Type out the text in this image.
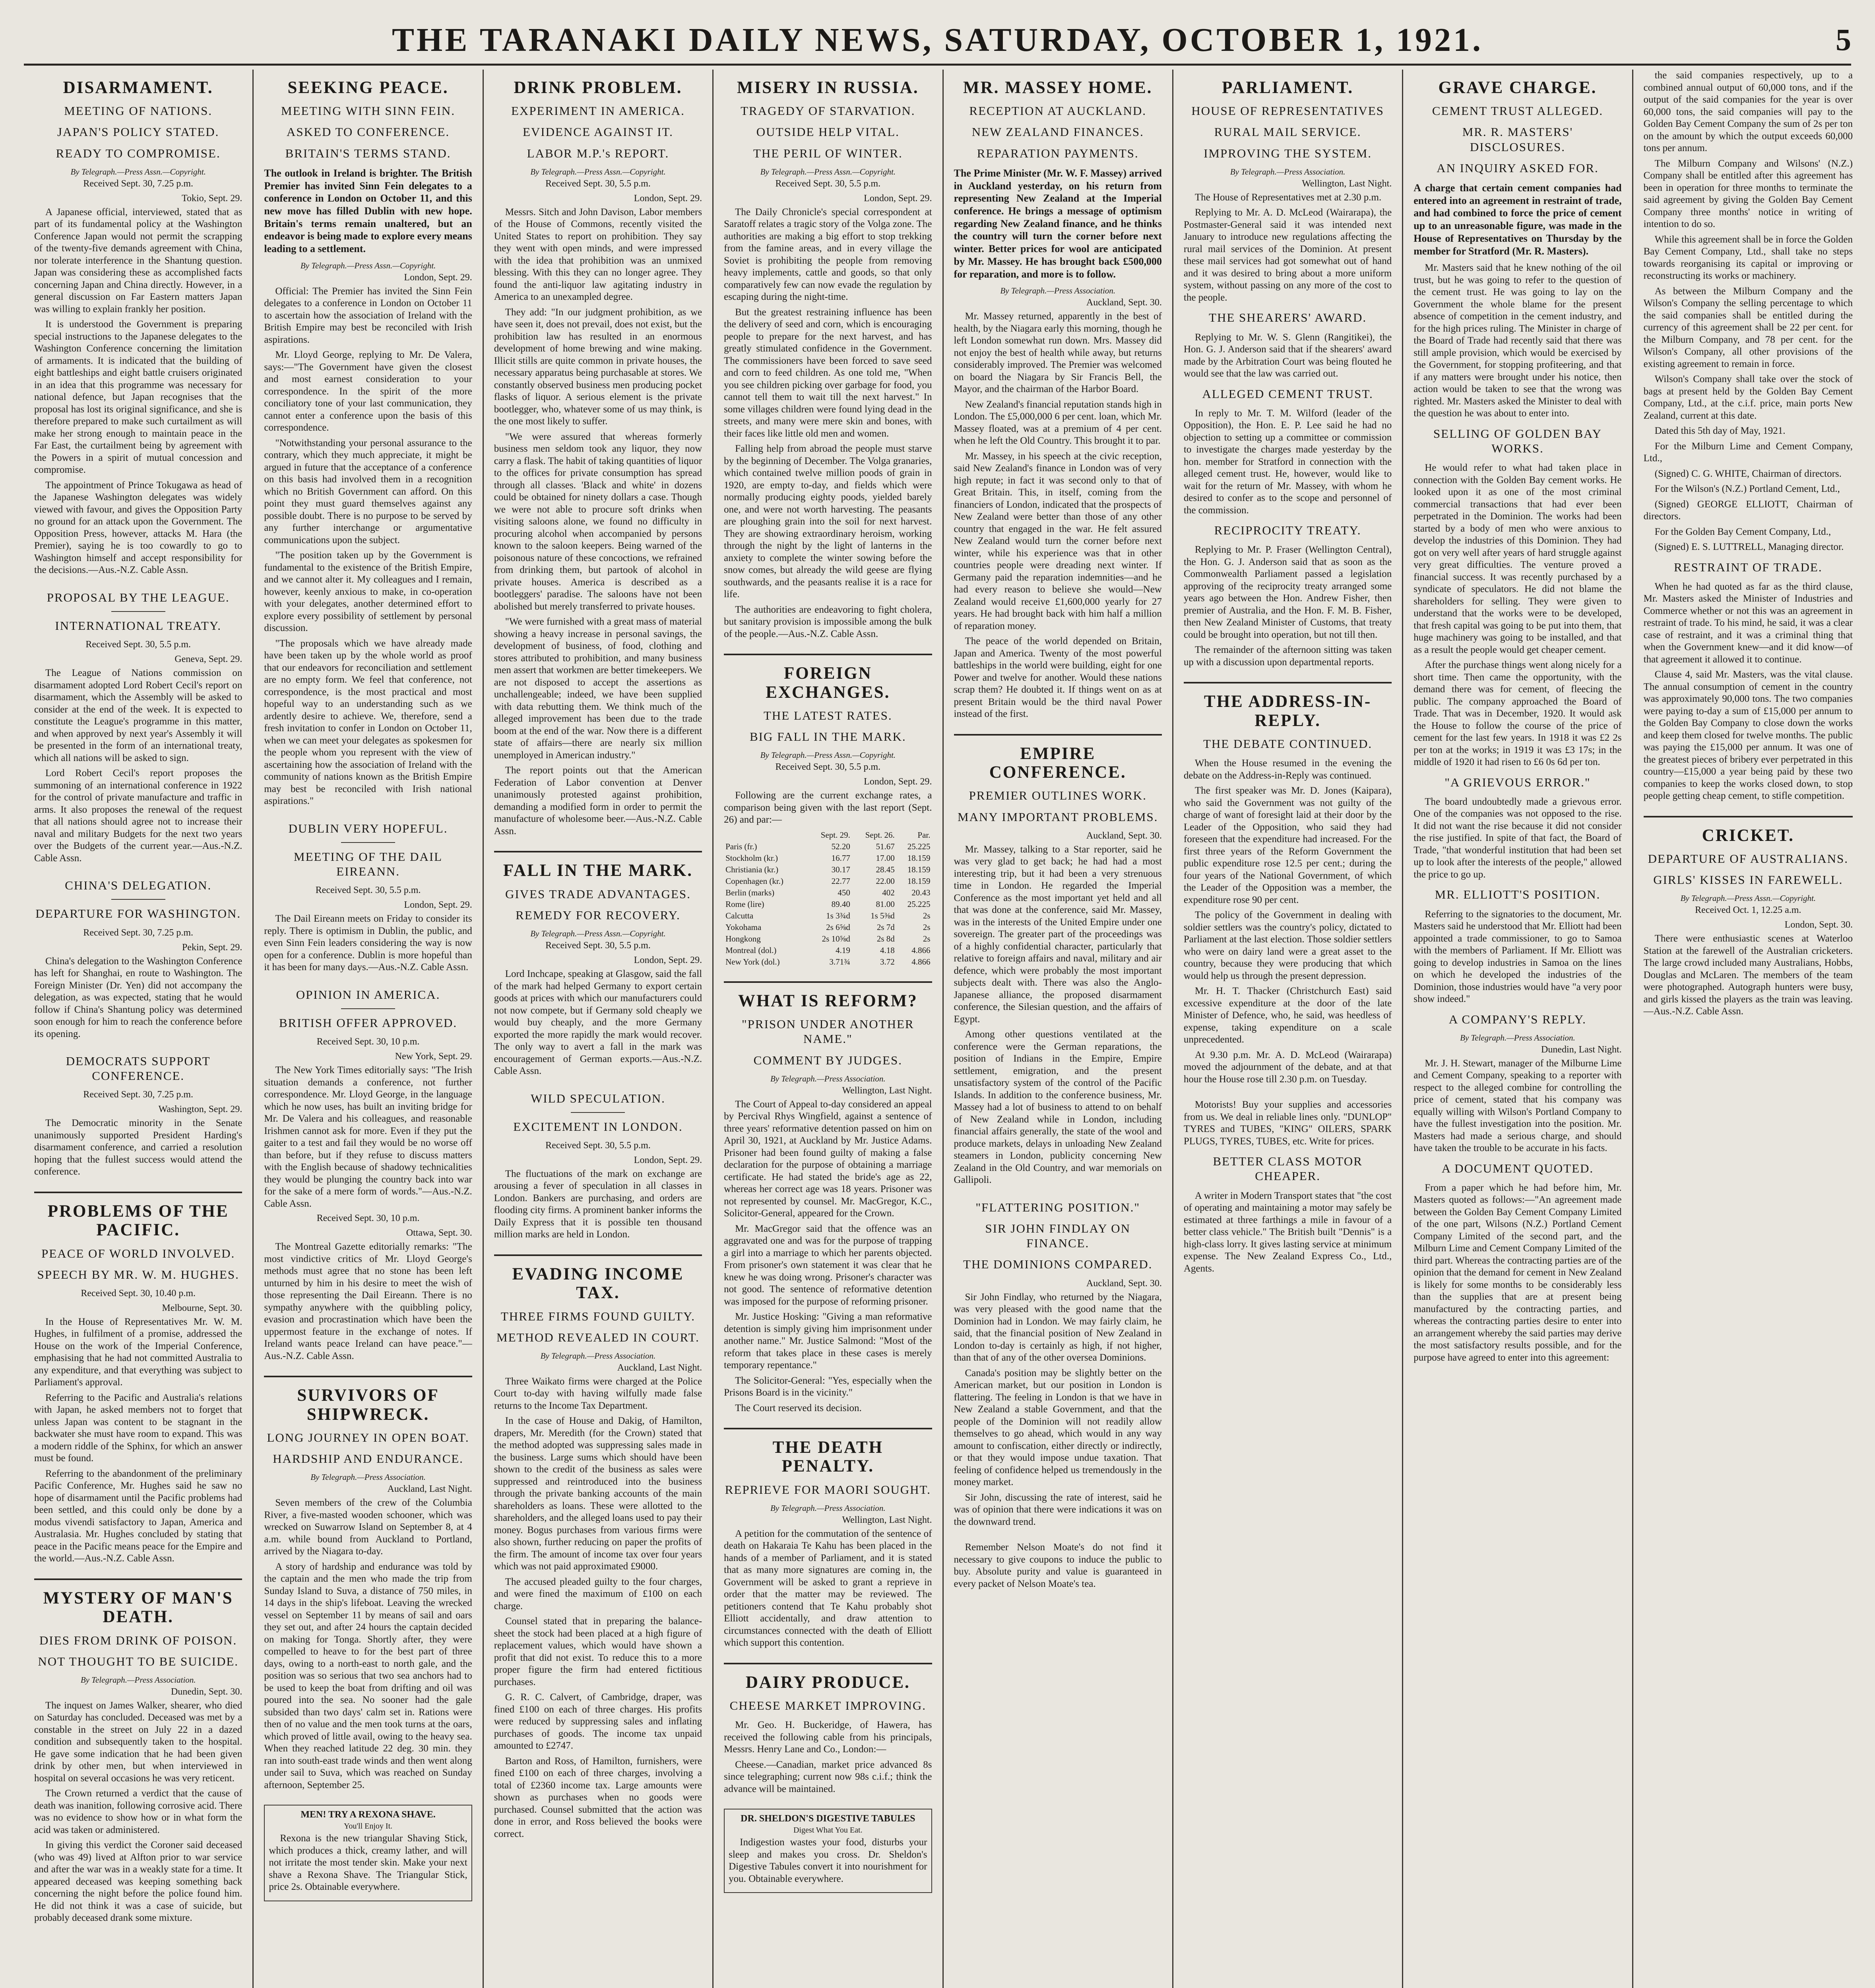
THE TARANAKI DAILY NEWS, SATURDAY, OCTOBER 1, 1921.	5
DISARMAMENT.
MEETING OF NATIONS.
JAPAN'S POLICY STATED.
READY TO COMPROMISE.
By Telegraph.—Press Assn.—Copyright.
Received Sept. 30, 7.25 p.m.
Tokio, Sept. 29.

A Japanese official, interviewed, stated that as part of its fundamental policy at the Washington Conference Japan would not permit the scrapping of the twenty-five demands agreement with China, nor tolerate interference in the Shantung question. Japan was considering these as accomplished facts concerning Japan and China directly. However, in a general discussion on Far Eastern matters Japan was willing to explain frankly her position.

It is understood the Government is preparing special instructions to the Japanese delegates to the Washington Conference concerning the limitation of armaments. It is indicated that the building of eight battleships and eight battle cruisers originated in an idea that this programme was necessary for national defence, but Japan recognises that the proposal has lost its original significance, and she is therefore prepared to make such curtailment as will make her strong enough to maintain peace in the Far East, the curtailment being by agreement with the Powers in a spirit of mutual concession and compromise.

The appointment of Prince Tokugawa as head of the Japanese Washington delegates was widely viewed with favour, and gives the Opposition Party no ground for an attack upon the Government. The Opposition Press, however, attacks M. Hara (the Premier), saying he is too cowardly to go to Washington himself and accept responsibility for the decisions.—Aus.-N.Z. Cable Assn.

PROPOSAL BY THE LEAGUE.
INTERNATIONAL TREATY.
Received Sept. 30, 5.5 p.m.
Geneva, Sept. 29.

The League of Nations commission on disarmament adopted Lord Robert Cecil's report on disarmament, which the Assembly will be asked to consider at the end of the week. It is expected to constitute the League's programme in this matter, and when approved by next year's Assembly it will be presented in the form of an international treaty, which all nations will be asked to sign.

Lord Robert Cecil's report proposes the summoning of an international conference in 1922 for the control of private manufacture and traffic in arms. It also proposes the renewal of the request that all nations should agree not to increase their naval and military Budgets for the next two years over the Budgets of the current year.—Aus.-N.Z. Cable Assn.

CHINA'S DELEGATION.
DEPARTURE FOR WASHINGTON.
Received Sept. 30, 7.25 p.m.
Pekin, Sept. 29.

China's delegation to the Washington Conference has left for Shanghai, en route to Washington. The Foreign Minister (Dr. Yen) did not accompany the delegation, as was expected, stating that he would follow if China's Shantung policy was determined soon enough for him to reach the conference before its opening.

DEMOCRATS SUPPORT CONFERENCE.
Received Sept. 30, 7.25 p.m.
Washington, Sept. 29.

The Democratic minority in the Senate unanimously supported President Harding's disarmament conference, and carried a resolution hoping that the fullest success would attend the conference.

PROBLEMS OF THE PACIFIC.
PEACE OF WORLD INVOLVED.
SPEECH BY MR. W. M. HUGHES.
Received Sept. 30, 10.40 p.m.
Melbourne, Sept. 30.

In the House of Representatives Mr. W. M. Hughes, in fulfilment of a promise, addressed the House on the work of the Imperial Conference, emphasising that he had not committed Australia to any expenditure, and that everything was subject to Parliament's approval.

Referring to the Pacific and Australia's relations with Japan, he asked members not to forget that unless Japan was content to be stagnant in the backwater she must have room to expand. This was a modern riddle of the Sphinx, for which an answer must be found.

Referring to the abandonment of the preliminary Pacific Conference, Mr. Hughes said he saw no hope of disarmament until the Pacific problems had been settled, and this could only be done by a modus vivendi satisfactory to Japan, America and Australasia. Mr. Hughes concluded by stating that peace in the Pacific means peace for the Empire and the world.—Aus.-N.Z. Cable Assn.

MYSTERY OF MAN'S DEATH.
DIES FROM DRINK OF POISON.
NOT THOUGHT TO BE SUICIDE.
By Telegraph.—Press Association.
Dunedin, Sept. 30.

The inquest on James Walker, shearer, who died on Saturday has concluded. Deceased was met by a constable in the street on July 22 in a dazed condition and subsequently taken to the hospital. He gave some indication that he had been given drink by other men, but when interviewed in hospital on several occasions he was very reticent.

The Crown returned a verdict that the cause of death was inanition, following corrosive acid. There was no evidence to show how or in what form the acid was taken or administered.

In giving this verdict the Coroner said deceased (who was 49) lived at Alfton prior to war service and after the war was in a weakly state for a time. It appeared deceased was keeping something back concerning the night before the police found him. He did not think it was a case of suicide, but probably deceased drank some mixture.

SEEKING PEACE.
MEETING WITH SINN FEIN.
ASKED TO CONFERENCE.
BRITAIN'S TERMS STAND.

The outlook in Ireland is brighter. The British Premier has invited Sinn Fein delegates to a conference in London on October 11, and this new move has filled Dublin with new hope. Britain's terms remain unaltered, but an endeavor is being made to explore every means leading to a settlement.

By Telegraph.—Press Assn.—Copyright.
London, Sept. 29.

Official: The Premier has invited the Sinn Fein delegates to a conference in London on October 11 to ascertain how the association of Ireland with the British Empire may best be reconciled with Irish aspirations.

Mr. Lloyd George, replying to Mr. De Valera, says:—"The Government have given the closest and most earnest consideration to your correspondence. In the spirit of the more conciliatory tone of your last communication, they cannot enter a conference upon the basis of this correspondence.

"Notwithstanding your personal assurance to the contrary, which they much appreciate, it might be argued in future that the acceptance of a conference on this basis had involved them in a recognition which no British Government can afford. On this point they must guard themselves against any possible doubt. There is no purpose to be served by any further interchange or argumentative communications upon the subject.

"The position taken up by the Government is fundamental to the existence of the British Empire, and we cannot alter it. My colleagues and I remain, however, keenly anxious to make, in co-operation with your delegates, another determined effort to explore every possibility of settlement by personal discussion.

"The proposals which we have already made have been taken up by the whole world as proof that our endeavors for reconciliation and settlement are no empty form. We feel that conference, not correspondence, is the most practical and most hopeful way to an understanding such as we ardently desire to achieve. We, therefore, send a fresh invitation to confer in London on October 11, when we can meet your delegates as spokesmen for the people whom you represent with the view of ascertaining how the association of Ireland with the community of nations known as the British Empire may best be reconciled with Irish national aspirations."

DUBLIN VERY HOPEFUL.
MEETING OF THE DAIL EIREANN.
Received Sept. 30, 5.5 p.m.
London, Sept. 29.

The Dail Eireann meets on Friday to consider its reply. There is optimism in Dublin, the public, and even Sinn Fein leaders considering the way is now open for a conference. Dublin is more hopeful than it has been for many days.—Aus.-N.Z. Cable Assn.

OPINION IN AMERICA.
BRITISH OFFER APPROVED.
Received Sept. 30, 10 p.m.
New York, Sept. 29.

The New York Times editorially says: "The Irish situation demands a conference, not further correspondence. Mr. Lloyd George, in the language which he now uses, has built an inviting bridge for Mr. De Valera and his colleagues, and reasonable Irishmen cannot ask for more. Even if they put the gaiter to a test and fail they would be no worse off than before, but if they refuse to discuss matters with the English because of shadowy technicalities they would be plunging the country back into war for the sake of a mere form of words."—Aus.-N.Z. Cable Assn.

Received Sept. 30, 10 p.m.
Ottawa, Sept. 30.

The Montreal Gazette editorially remarks: "The most vindictive critics of Mr. Lloyd George's methods must agree that no stone has been left unturned by him in his desire to meet the wish of those representing the Dail Eireann. There is no sympathy anywhere with the quibbling policy, evasion and procrastination which have been the uppermost feature in the exchange of notes. If Ireland wants peace Ireland can have peace."—Aus.-N.Z. Cable Assn.

SURVIVORS OF SHIPWRECK.
LONG JOURNEY IN OPEN BOAT.
HARDSHIP AND ENDURANCE.
By Telegraph.—Press Association.
Auckland, Last Night.

Seven members of the crew of the Columbia River, a five-masted wooden schooner, which was wrecked on Suwarrow Island on September 8, at 4 a.m. while bound from Auckland to Portland, arrived by the Niagara to-day.

A story of hardship and endurance was told by the captain and the men who made the trip from Sunday Island to Suva, a distance of 750 miles, in 14 days in the ship's lifeboat. Leaving the wrecked vessel on September 11 by means of sail and oars they set out, and after 24 hours the captain decided on making for Tonga. Shortly after, they were compelled to heave to for the best part of three days, owing to a north-east to north gale, and the position was so serious that two sea anchors had to be used to keep the boat from drifting and oil was poured into the sea. No sooner had the gale subsided than two days' calm set in. Rations were then of no value and the men took turns at the oars, which proved of little avail, owing to the heavy sea. When they reached latitude 22 deg. 30 min. they ran into south-east trade winds and then went along under sail to Suva, which was reached on Sunday afternoon, September 25.

MEN! TRY A REXONA SHAVE.
You'll Enjoy It.

Rexona is the new triangular Shaving Stick, which produces a thick, creamy lather, and will not irritate the most tender skin. Make your next shave a Rexona Shave. The Triangular Stick, price 2s. Obtainable everywhere.

DRINK PROBLEM.
EXPERIMENT IN AMERICA.
EVIDENCE AGAINST IT.
LABOR M.P.'s REPORT.
By Telegraph.—Press Assn.—Copyright.
Received Sept. 30, 5.5 p.m.
London, Sept. 29.

Messrs. Sitch and John Davison, Labor members of the House of Commons, recently visited the United States to report on prohibition. They say they went with open minds, and were impressed with the idea that prohibition was an unmixed blessing. With this they can no longer agree. They found the anti-liquor law agitating industry in America to an unexampled degree.

They add: "In our judgment prohibition, as we have seen it, does not prevail, does not exist, but the prohibition law has resulted in an enormous development of home brewing and wine making. Illicit stills are quite common in private houses, the necessary apparatus being purchasable at stores. We constantly observed business men producing pocket flasks of liquor. A serious element is the private bootlegger, who, whatever some of us may think, is the one most likely to suffer.

"We were assured that whereas formerly business men seldom took any liquor, they now carry a flask. The habit of taking quantities of liquor to the offices for private consumption has spread through all classes. 'Black and white' in dozens could be obtained for ninety dollars a case. Though we were not able to procure soft drinks when visiting saloons alone, we found no difficulty in procuring alcohol when accompanied by persons known to the saloon keepers. Being warned of the poisonous nature of these concoctions, we refrained from drinking them, but partook of alcohol in private houses. America is described as a bootleggers' paradise. The saloons have not been abolished but merely transferred to private houses.

"We were furnished with a great mass of material showing a heavy increase in personal savings, the development of business, of food, clothing and stores attributed to prohibition, and many business men assert that workmen are better timekeepers. We are not disposed to accept the assertions as unchallengeable; indeed, we have been supplied with data rebutting them. We think much of the alleged improvement has been due to the trade boom at the end of the war. Now there is a different state of affairs—there are nearly six million unemployed in American industry."

The report points out that the American Federation of Labor convention at Denver unanimously protested against prohibition, demanding a modified form in order to permit the manufacture of wholesome beer.—Aus.-N.Z. Cable Assn.

FALL IN THE MARK.
GIVES TRADE ADVANTAGES.
REMEDY FOR RECOVERY.
By Telegraph.—Press Assn.—Copyright.
Received Sept. 30, 5.5 p.m.
London, Sept. 29.

Lord Inchcape, speaking at Glasgow, said the fall of the mark had helped Germany to export certain goods at prices with which our manufacturers could not now compete, but if Germany sold cheaply we would buy cheaply, and the more Germany exported the more rapidly the mark would recover. The only way to avert a fall in the mark was encouragement of German exports.—Aus.-N.Z. Cable Assn.

WILD SPECULATION.
EXCITEMENT IN LONDON.
Received Sept. 30, 5.5 p.m.
London, Sept. 29.

The fluctuations of the mark on exchange are arousing a fever of speculation in all classes in London. Bankers are purchasing, and orders are flooding city firms. A prominent banker informs the Daily Express that it is possible ten thousand million marks are held in London.

EVADING INCOME TAX.
THREE FIRMS FOUND GUILTY.
METHOD REVEALED IN COURT.
By Telegraph.—Press Association.
Auckland, Last Night.

Three Waikato firms were charged at the Police Court to-day with having wilfully made false returns to the Income Tax Department.

In the case of House and Dakig, of Hamilton, drapers, Mr. Meredith (for the Crown) stated that the method adopted was suppressing sales made in the business. Large sums which should have been shown to the credit of the business as sales were suppressed and reintroduced into the business through the private banking accounts of the main shareholders as loans. These were allotted to the shareholders, and the alleged loans used to pay their money. Bogus purchases from various firms were also shown, further reducing on paper the profits of the firm. The amount of income tax over four years which was not paid approximated £9000.

The accused pleaded guilty to the four charges, and were fined the maximum of £100 on each charge.

Counsel stated that in preparing the balance-sheet the stock had been placed at a high figure of replacement values, which would have shown a profit that did not exist. To reduce this to a more proper figure the firm had entered fictitious purchases.

G. R. C. Calvert, of Cambridge, draper, was fined £100 on each of three charges. His profits were reduced by suppressing sales and inflating purchases of goods. The income tax unpaid amounted to £2747.

Barton and Ross, of Hamilton, furnishers, were fined £100 on each of three charges, involving a total of £2360 income tax. Large amounts were shown as purchases when no goods were purchased. Counsel submitted that the action was done in error, and Ross believed the books were correct.

MISERY IN RUSSIA.
TRAGEDY OF STARVATION.
OUTSIDE HELP VITAL.
THE PERIL OF WINTER.
By Telegraph.—Press Assn.—Copyright.
Received Sept. 30, 5.5 p.m.
London, Sept. 29.

The Daily Chronicle's special correspondent at Saratoff relates a tragic story of the Volga zone. The authorities are making a big effort to stop trekking from the famine areas, and in every village the Soviet is prohibiting the people from removing heavy implements, cattle and goods, so that only comparatively few can now evade the regulation by escaping during the night-time.

But the greatest restraining influence has been the delivery of seed and corn, which is encouraging people to prepare for the next harvest, and has greatly stimulated confidence in the Government. The commissioners have been forced to save seed and corn to feed children. As one told me, "When you see children picking over garbage for food, you cannot tell them to wait till the next harvest." In some villages children were found lying dead in the streets, and many were mere skin and bones, with their faces like little old men and women.

Falling help from abroad the people must starve by the beginning of December. The Volga granaries, which contained twelve million poods of grain in 1920, are empty to-day, and fields which were normally producing eighty poods, yielded barely one, and were not worth harvesting. The peasants are ploughing grain into the soil for next harvest. They are showing extraordinary heroism, working through the night by the light of lanterns in the anxiety to complete the winter sowing before the snow comes, but already the wild geese are flying southwards, and the peasants realise it is a race for life.

The authorities are endeavoring to fight cholera, but sanitary provision is impossible among the bulk of the people.—Aus.-N.Z. Cable Assn.

FOREIGN EXCHANGES.
THE LATEST RATES.
BIG FALL IN THE MARK.
By Telegraph.—Press Assn.—Copyright.
Received Sept. 30, 5.5 p.m.
London, Sept. 29.

Following are the current exchange rates, a comparison being given with the last report (Sept. 26) and par:—

	Sept. 29.	Sept. 26.	Par.
Paris (fr.)	52.20	51.67	25.225
Stockholm (kr.)	16.77	17.00	18.159
Christiania (kr.)	30.17	28.45	18.159
Copenhagen (kr.)	22.77	22.00	18.159
Berlin (marks)	450	402	20.43
Rome (lire)	89.40	81.00	25.225
Calcutta	1s 3¾d	1s 5⅜d	2s
Yokohama	2s 6⅝d	2s 7d	2s
Hongkong	2s 10⅝d	2s 8d	2s
Montreal (dol.)	4.19	4.18	4.866
New York (dol.)	3.71¾	3.72	4.866
WHAT IS REFORM?
"PRISON UNDER ANOTHER NAME."
COMMENT BY JUDGES.
By Telegraph.—Press Association.
Wellington, Last Night.

The Court of Appeal to-day considered an appeal by Percival Rhys Wingfield, against a sentence of three years' reformative detention passed on him on April 30, 1921, at Auckland by Mr. Justice Adams. Prisoner had been found guilty of making a false declaration for the purpose of obtaining a marriage certificate. He had stated the bride's age as 22, whereas her correct age was 18 years. Prisoner was not represented by counsel. Mr. MacGregor, K.C., Solicitor-General, appeared for the Crown.

Mr. MacGregor said that the offence was an aggravated one and was for the purpose of trapping a girl into a marriage to which her parents objected. From prisoner's own statement it was clear that he knew he was doing wrong. Prisoner's character was not good. The sentence of reformative detention was imposed for the purpose of reforming prisoner.

Mr. Justice Hosking: "Giving a man reformative detention is simply giving him imprisonment under another name." Mr. Justice Salmond: "Most of the reform that takes place in these cases is merely temporary repentance."

The Solicitor-General: "Yes, especially when the Prisons Board is in the vicinity."

The Court reserved its decision.

THE DEATH PENALTY.
REPRIEVE FOR MAORI SOUGHT.
By Telegraph.—Press Association.
Wellington, Last Night.

A petition for the commutation of the sentence of death on Hakaraia Te Kahu has been placed in the hands of a member of Parliament, and it is stated that as many more signatures are coming in, the Government will be asked to grant a reprieve in order that the matter may be reviewed. The petitioners contend that Te Kahu probably shot Elliott accidentally, and draw attention to circumstances connected with the death of Elliott which support this contention.

DAIRY PRODUCE.
CHEESE MARKET IMPROVING.

Mr. Geo. H. Buckeridge, of Hawera, has received the following cable from his principals, Messrs. Henry Lane and Co., London:—

Cheese.—Canadian, market price advanced 8s since telegraphing; current now 98s c.i.f.; think the advance will be maintained.

DR. SHELDON'S DIGESTIVE TABULES
Digest What You Eat.

Indigestion wastes your food, disturbs your sleep and makes you cross. Dr. Sheldon's Digestive Tabules convert it into nourishment for you. Obtainable everywhere.

MR. MASSEY HOME.
RECEPTION AT AUCKLAND.
NEW ZEALAND FINANCES.
REPARATION PAYMENTS.

The Prime Minister (Mr. W. F. Massey) arrived in Auckland yesterday, on his return from representing New Zealand at the Imperial conference. He brings a message of optimism regarding New Zealand finance, and he thinks the country will turn the corner before next winter. Better prices for wool are anticipated by Mr. Massey. He has brought back £500,000 for reparation, and more is to follow.

By Telegraph.—Press Association.
Auckland, Sept. 30.

Mr. Massey returned, apparently in the best of health, by the Niagara early this morning, though he left London somewhat run down. Mrs. Massey did not enjoy the best of health while away, but returns considerably improved. The Premier was welcomed on board the Niagara by Sir Francis Bell, the Mayor, and the chairman of the Harbor Board.

New Zealand's financial reputation stands high in London. The £5,000,000 6 per cent. loan, which Mr. Massey floated, was at a premium of 4 per cent. when he left the Old Country. This brought it to par.

Mr. Massey, in his speech at the civic reception, said New Zealand's finance in London was of very high repute; in fact it was second only to that of Great Britain. This, in itself, coming from the financiers of London, indicated that the prospects of New Zealand were better than those of any other country that engaged in the war. He felt assured New Zealand would turn the corner before next winter, while his experience was that in other countries people were dreading next winter. If Germany paid the reparation indemnities—and he had every reason to believe she would—New Zealand would receive £1,600,000 yearly for 27 years. He had brought back with him half a million of reparation money.

The peace of the world depended on Britain, Japan and America. Twenty of the most powerful battleships in the world were building, eight for one Power and twelve for another. Would these nations scrap them? He doubted it. If things went on as at present Britain would be the third naval Power instead of the first.

EMPIRE CONFERENCE.
PREMIER OUTLINES WORK.
MANY IMPORTANT PROBLEMS.
Auckland, Sept. 30.

Mr. Massey, talking to a Star reporter, said he was very glad to get back; he had had a most interesting trip, but it had been a very strenuous time in London. He regarded the Imperial Conference as the most important yet held and all that was done at the conference, said Mr. Massey, was in the interests of the United Empire under one sovereign. The greater part of the proceedings was of a highly confidential character, particularly that relative to foreign affairs and naval, military and air defence, which were probably the most important subjects dealt with. There was also the Anglo-Japanese alliance, the proposed disarmament conference, the Silesian question, and the affairs of Egypt.

Among other questions ventilated at the conference were the German reparations, the position of Indians in the Empire, Empire settlement, emigration, and the present unsatisfactory system of the control of the Pacific Islands. In addition to the conference business, Mr. Massey had a lot of business to attend to on behalf of New Zealand while in London, including financial affairs generally, the state of the wool and produce markets, delays in unloading New Zealand steamers in London, publicity concerning New Zealand in the Old Country, and war memorials on Gallipoli.

"FLATTERING POSITION."
SIR JOHN FINDLAY ON FINANCE.
THE DOMINIONS COMPARED.
Auckland, Sept. 30.

Sir John Findlay, who returned by the Niagara, was very pleased with the good name that the Dominion had in London. We may fairly claim, he said, that the financial position of New Zealand in London to-day is certainly as high, if not higher, than that of any of the other oversea Dominions.

Canada's position may be slightly better on the American market, but our position in London is flattering. The feeling in London is that we have in New Zealand a stable Government, and that the people of the Dominion will not readily allow themselves to go ahead, which would in any way amount to confiscation, either directly or indirectly, or that they would impose undue taxation. That feeling of confidence helped us tremendously in the money market.

Sir John, discussing the rate of interest, said he was of opinion that there were indications it was on the downward trend.

Remember Nelson Moate's do not find it necessary to give coupons to induce the public to buy. Absolute purity and value is guaranteed in every packet of Nelson Moate's tea.

PARLIAMENT.
HOUSE OF REPRESENTATIVES
RURAL MAIL SERVICE.
IMPROVING THE SYSTEM.
By Telegraph.—Press Association.
Wellington, Last Night.

The House of Representatives met at 2.30 p.m.

Replying to Mr. A. D. McLeod (Wairarapa), the Postmaster-General said it was intended next January to introduce new regulations affecting the rural mail services of the Dominion. At present these mail services had got somewhat out of hand and it was desired to bring about a more uniform system, without passing on any more of the cost to the people.

THE SHEARERS' AWARD.

Replying to Mr. W. S. Glenn (Rangitikei), the Hon. G. J. Anderson said that if the shearers' award made by the Arbitration Court was being flouted he would see that the law was carried out.

ALLEGED CEMENT TRUST.

In reply to Mr. T. M. Wilford (leader of the Opposition), the Hon. E. P. Lee said he had no objection to setting up a committee or commission to investigate the charges made yesterday by the hon. member for Stratford in connection with the alleged cement trust. He, however, would like to wait for the return of Mr. Massey, with whom he desired to confer as to the scope and personnel of the commission.

RECIPROCITY TREATY.

Replying to Mr. P. Fraser (Wellington Central), the Hon. G. J. Anderson said that as soon as the Commonwealth Parliament passed a legislation approving of the reciprocity treaty arranged some years ago between the Hon. Andrew Fisher, then premier of Australia, and the Hon. F. M. B. Fisher, then New Zealand Minister of Customs, that treaty could be brought into operation, but not till then.

The remainder of the afternoon sitting was taken up with a discussion upon departmental reports.

THE ADDRESS-IN-REPLY.
THE DEBATE CONTINUED.

When the House resumed in the evening the debate on the Address-in-Reply was continued.

The first speaker was Mr. D. Jones (Kaipara), who said the Government was not guilty of the charge of want of foresight laid at their door by the Leader of the Opposition, who said they had foreseen that the expenditure had increased. For the first three years of the Reform Government the public expenditure rose 12.5 per cent.; during the four years of the National Government, of which the Leader of the Opposition was a member, the expenditure rose 90 per cent.

The policy of the Government in dealing with soldier settlers was the country's policy, dictated to Parliament at the last election. Those soldier settlers who were on dairy land were a great asset to the country, because they were producing that which would help us through the present depression.

Mr. H. T. Thacker (Christchurch East) said excessive expenditure at the door of the late Minister of Defence, who, he said, was heedless of expense, taking expenditure on a scale unprecedented.

At 9.30 p.m. Mr. A. D. McLeod (Wairarapa) moved the adjournment of the debate, and at that hour the House rose till 2.30 p.m. on Tuesday.

Motorists! Buy your supplies and accessories from us. We deal in reliable lines only. "DUNLOP" TYRES and TUBES, "KING" OILERS, SPARK PLUGS, TYRES, TUBES, etc. Write for prices.

BETTER CLASS MOTOR CHEAPER.

A writer in Modern Transport states that "the cost of operating and maintaining a motor may safely be estimated at three farthings a mile in favour of a better class vehicle." The British built "Dennis" is a high-class lorry. It gives lasting service at minimum expense. The New Zealand Express Co., Ltd., Agents.

GRAVE CHARGE.
CEMENT TRUST ALLEGED.
MR. R. MASTERS' DISCLOSURES.
AN INQUIRY ASKED FOR.

A charge that certain cement companies had entered into an agreement in restraint of trade, and had combined to force the price of cement up to an unreasonable figure, was made in the House of Representatives on Thursday by the member for Stratford (Mr. R. Masters).

Mr. Masters said that he knew nothing of the oil trust, but he was going to refer to the question of the cement trust. He was going to lay on the Government the whole blame for the present absence of competition in the cement industry, and for the high prices ruling. The Minister in charge of the Board of Trade had recently said that there was still ample provision, which would be exercised by the Government, for stopping profiteering, and that if any matters were brought under his notice, then action would be taken to see that the wrong was righted. Mr. Masters asked the Minister to deal with the question he was about to enter into.

SELLING OF GOLDEN BAY WORKS.

He would refer to what had taken place in connection with the Golden Bay cement works. He looked upon it as one of the most criminal commercial transactions that had ever been perpetrated in the Dominion. The works had been started by a body of men who were anxious to develop the industries of this Dominion. They had got on very well after years of hard struggle against very great difficulties. The venture proved a financial success. It was recently purchased by a syndicate of speculators. He did not blame the shareholders for selling. They were given to understand that the works were to be developed, that fresh capital was going to be put into them, that huge machinery was going to be installed, and that as a result the people would get cheaper cement.

After the purchase things went along nicely for a short time. Then came the opportunity, with the demand there was for cement, of fleecing the public. The company approached the Board of Trade. That was in December, 1920. It would ask the House to follow the course of the price of cement for the last few years. In 1918 it was £2 2s per ton at the works; in 1919 it was £3 17s; in the middle of 1920 it had risen to £6 0s 6d per ton.

"A GRIEVOUS ERROR."

The board undoubtedly made a grievous error. One of the companies was not opposed to the rise. It did not want the rise because it did not consider the rise justified. In spite of that fact, the Board of Trade, "that wonderful institution that had been set up to look after the interests of the people," allowed the price to go up.

MR. ELLIOTT'S POSITION.

Referring to the signatories to the document, Mr. Masters said he understood that Mr. Elliott had been appointed a trade commissioner, to go to Samoa with the members of Parliament. If Mr. Elliott was going to develop industries in Samoa on the lines on which he developed the industries of the Dominion, those industries would have "a very poor show indeed."

A COMPANY'S REPLY.
By Telegraph.—Press Association.
Dunedin, Last Night.

Mr. J. H. Stewart, manager of the Milburne Lime and Cement Company, speaking to a reporter with respect to the alleged combine for controlling the price of cement, stated that his company was equally willing with Wilson's Portland Company to have the fullest investigation into the position. Mr. Masters had made a serious charge, and should have taken the trouble to be accurate in his facts.

A DOCUMENT QUOTED.

From a paper which he had before him, Mr. Masters quoted as follows:—"An agreement made between the Golden Bay Cement Company Limited of the one part, Wilsons (N.Z.) Portland Cement Company Limited of the second part, and the Milburn Lime and Cement Company Limited of the third part. Whereas the contracting parties are of the opinion that the demand for cement in New Zealand is likely for some months to be considerably less than the supplies that are at present being manufactured by the contracting parties, and whereas the contracting parties desire to enter into an arrangement whereby the said parties may derive the most satisfactory results possible, and for the purpose have agreed to enter into this agreement:

the said companies respectively, up to a combined annual output of 60,000 tons, and if the output of the said companies for the year is over 60,000 tons, the said companies will pay to the Golden Bay Cement Company the sum of 2s per ton on the amount by which the output exceeds 60,000 tons per annum.

The Milburn Company and Wilsons' (N.Z.) Company shall be entitled after this agreement has been in operation for three months to terminate the said agreement by giving the Golden Bay Cement Company three months' notice in writing of intention to do so.

While this agreement shall be in force the Golden Bay Cement Company, Ltd., shall take no steps towards reorganising its capital or improving or reconstructing its works or machinery.

As between the Milburn Company and the Wilson's Company the selling percentage to which the said companies shall be entitled during the currency of this agreement shall be 22 per cent. for the Milburn Company, and 78 per cent. for the Wilson's Company, all other provisions of the existing agreement to remain in force.

Wilson's Company shall take over the stock of bags at present held by the Golden Bay Cement Company, Ltd., at the c.i.f. price, main ports New Zealand, current at this date.

Dated this 5th day of May, 1921.

For the Milburn Lime and Cement Company, Ltd.,

(Signed) C. G. WHITE, Chairman of directors.

For the Wilson's (N.Z.) Portland Cement, Ltd.,

(Signed) GEORGE ELLIOTT, Chairman of directors.

For the Golden Bay Cement Company, Ltd.,

(Signed) E. S. LUTTRELL, Managing director.

RESTRAINT OF TRADE.

When he had quoted as far as the third clause, Mr. Masters asked the Minister of Industries and Commerce whether or not this was an agreement in restraint of trade. To his mind, he said, it was a clear case of restraint, and it was a criminal thing that when the Government knew—and it did know—of that agreement it allowed it to continue.

Clause 4, said Mr. Masters, was the vital clause. The annual consumption of cement in the country was approximately 90,000 tons. The two companies were paying to-day a sum of £15,000 per annum to the Golden Bay Company to close down the works and keep them closed for twelve months. The public was paying the £15,000 per annum. It was one of the greatest pieces of bribery ever perpetrated in this country—£15,000 a year being paid by these two companies to keep the works closed down, to stop people getting cheap cement, to stifle competition.

CRICKET.
DEPARTURE OF AUSTRALIANS.
GIRLS' KISSES IN FAREWELL.
By Telegraph.—Press Assn.—Copyright.
Received Oct. 1, 12.25 a.m.
London, Sept. 30.

There were enthusiastic scenes at Waterloo Station at the farewell of the Australian cricketers. The large crowd included many Australians, Hobbs, Douglas and McLaren. The members of the team were photographed. Autograph hunters were busy, and girls kissed the players as the train was leaving.—Aus.-N.Z. Cable Assn.
